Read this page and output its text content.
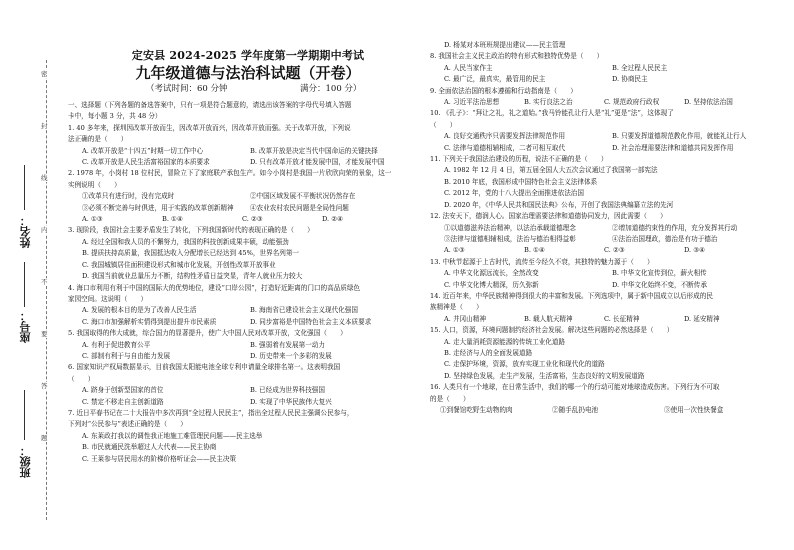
姓名：
座号：
班级：
密
封
线
内
不
要
答
题
定安县 2024-2025 学年度第一学期期中考试
九年级道德与法治科试题（开卷）
（考试时间：60 分钟	满分：100 分）

一、选择题（下列各题的备选答案中，只有一项是符合题意的，请选出该答案的字母代号填入答题

卡中，每小题 3 分，共 48 分）

1. 40 多年来，探圳因改革开放而生，因改革开放而兴，因改革开放而强。关于改革开放，下列说

法正确的是（　　）

A. 改革开放是“十四五”时期一切工作中心	B. 改革开放是决定当代中国命运的关键抉择

C. 改革开放是人民生活富裕国家的本质要求	D. 只有改革开放才能发展中国，才能发展中国

2. 1978 年，小岗村 18 位村民，冒险立下了家庭联产承包生产。如今小岗村是我国一片欣欣向荣的景象，这一

实例说明（　　）

①改革只有进行时，没有完成时	②中国区域发展不平衡状况仍然存在

③必须不断完善与时俱进，用于实践的改革创新精神	④农业农村农民问题是全局性问题

A. ①③	B. ①④	C. ②③	D. ②④

3. 现阶段，我国社会主要矛盾发生了转化，下列我国新时代的表现正确的是（　　）

A. 经过全国和我人员的不懈努力，我国的科技创新成果丰硕，动能强劲

B. 提质扶持高质量，我国抵达收入分配增长已经达到 45%，世界名列第一

C. 我国城镇居住面积建设形式和城市化发展，开创性改革开放事业

D. 我国当前就业总量压力不断，结构性矛盾日益突显，青年人就业压力较大

4. 海口市利用有利于中国的国际大的优势地位，建设“口岸公园”，打造好近距离的门口的高品质绿色

家园空间。这说明（　　）

A. 发展的根本目的是为了改善人民生活	B. 海南省已建设社会主义现代化强国

C. 海口市加强解析实情得到提出提升市民素质	D. 同步富裕是中国特色社会主义本质要求

5. 我国取得的伟大成就，综合国力的显著提升，使广大中国人民对改革开放，文化强国（　　）

A. 有利于促进教育公平	B. 强弱着有发展第一动力

C. 部制有利于与自由能力发展	D. 历史带来一个多彩的发展

6. 国家知识产权局数据显示，目前我国太阳能电池全球专利申请量全球排名第一。这表明我国

（　　）

A. 跻身于创新型国家的首位	B. 已经成为世界科技强国

C. 禁定不移走自主创新道路	D. 实现了中华民族伟大复兴

7. 近日平春书记在二十大报告中多次再到“全过程人民民主”，指出全过程人民民主强调公民参与，

下列对“公民参与”表述正确的是（　　）

A. 东莱政打我以的调性我正地施工难管理民问题——民主选举

B. 市民就通民洗举超过人大代表——民主协商

C. 王莱参与居民用水的阶梯价格听证会——民主决策

D. 杨某对本班班规提出建议——民主管理

8. 我国社会主义民主政治的特有形式和独特优势是（　　）

A. 人民当家作主	B. 全过程人民民主

C. 最广泛，最真实，最管用的民主	D. 协商民主

9. 全面依法治国的根本遵循和行动指南是（　　）

A. 习近平法治思想	B. 实行良法之治	C. 规范政府行政权	D. 坚持依法治国

10. 《孔子》：“拜让之礼，礼之道始。”我马铃能孔让行人是“礼”更是“法”，这体现了

（　　）

A. 良好交通秩序只需要发挥法律规范作用	B. 只要发挥道德规范教化作用，就能礼让行人

C. 法律与道德相辅相成，二者可相互取代	D. 社会治理需要法律和道德共同发挥作用

11. 下列关于我国法治建设的历程，说法不正确的是（　　）

A. 1982 年 12 月 4 日，第五届全国人大五次会议通过了我国第一部宪法

B. 2010 年底，我国形成中国特色社会主义法律体系

C. 2012 年，党的十八大提出全面推进依法治国

D. 2020 年，《中华人民共和国民法典》公布，开创了我国法典编纂立法的先河

12. 法安天下，德润人心。国家治理需要法律和道德协同发力，因此需要（　　）

①以道德滋养法治精神，以法治承载道德理念	②增加道德约束性的作用，充分发挥其行动

③法律与道德相辅相成，法治与德治相得益彰	④法治治国理政，德治是有功于德治

A. ①③	B. ①④	C. ②③	D. ③④

13. 中秋节起源于上古时代，流传至今经久不衰，其独特的魅力源于（　　）

A. 中华文化源远流长，全然改变	B. 中华文化宣传到位，薪火相传

C. 中华文化博大精深，历久弥新	D. 中华文化始终不变，不断传承

14. 近百年来，中华民族精神得到很大的丰富和发展。下列选项中，属于新中国成立以后形成的民

族精神是（　　）

A. 井冈山精神	B. 载人航天精神	C. 长征精神	D. 延安精神

15. 人口，资源，环境问题制约经济社会发展。解决这些问题的必然选择是（　　）

A. 走大量消耗资源能源的传统工业化道路

B. 走经济与人的全面发展道路

C. 走保护环境，资源，放弃实现工业化和现代化的道路

D. 坚持绿色发展，走生产发展，生活富裕，生态良好的文明发展道路

16. 人类只有一个地球，在日常生活中，我们的哪一个的行动可能对地球造成伤害。下列行为不可取

的是（　　）

①到餐馆吃野生动物的肉	②随手乱扔电池	③使用一次性快餐盒
